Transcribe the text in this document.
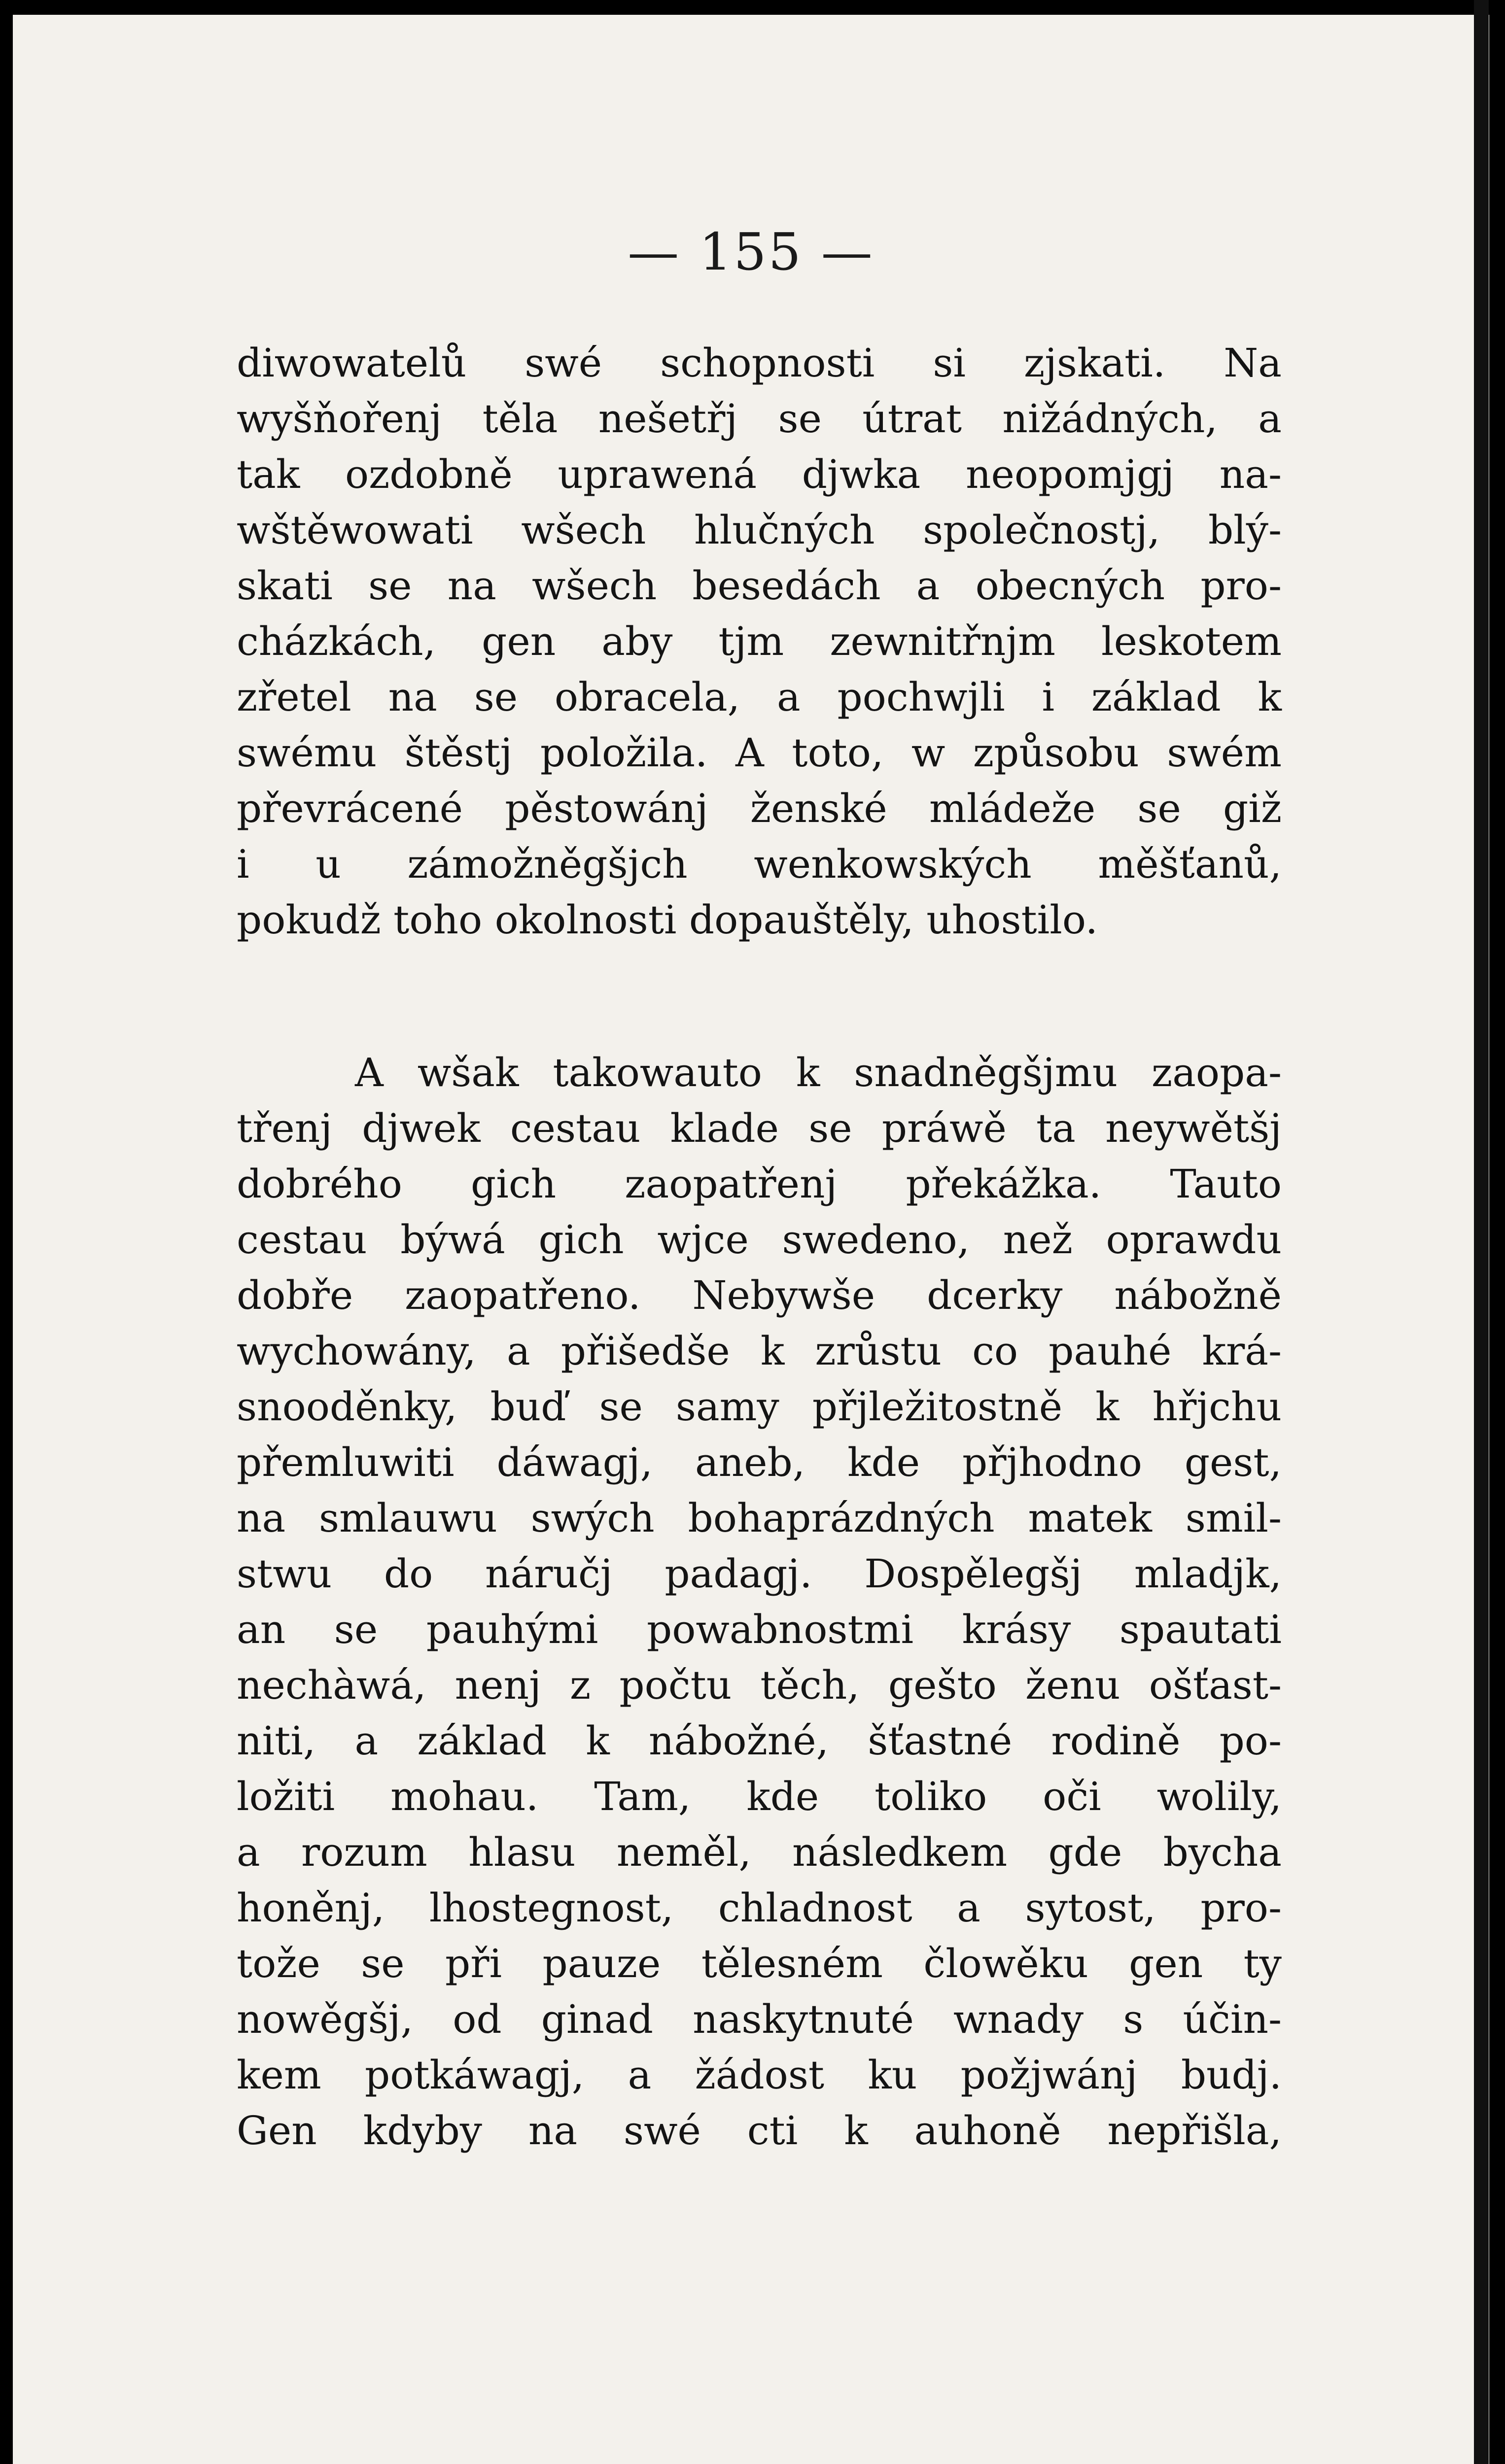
— 155 —
diwowatelů swé schopnosti si zjskati. Na
wyšňořenj těla nešetřj se útrat nižádných, a
tak ozdobně uprawená djwka neopomjgj na-
wštěwowati wšech hlučných společnostj, blý-
skati se na wšech besedách a obecných pro-
cházkách, gen aby tjm zewnitřnjm leskotem
zřetel na se obracela, a pochwjli i základ k
swému štěstj položila. A toto, w způsobu swém
převrácené pěstowánj ženské mládeže se giž
i u zámožněgšjch wenkowských měšťanů,
pokudž toho okolnosti dopauštěly, uhostilo.
A wšak takowauto k snadněgšjmu zaopa-
třenj djwek cestau klade se práwě ta neywětšj
dobrého gich zaopatřenj překážka. Tauto
cestau býwá gich wjce swedeno, než oprawdu
dobře zaopatřeno. Nebywše dcerky nábožně
wychowány, a přišedše k zrůstu co pauhé krá-
snooděnky, buď se samy přjležitostně k hřjchu
přemluwiti dáwagj, aneb, kde přjhodno gest,
na smlauwu swých bohaprázdných matek smil-
stwu do náručj padagj. Dospělegšj mladjk,
an se pauhými powabnostmi krásy spautati
nechàwá, nenj z počtu těch, gešto ženu ošťast-
niti, a základ k nábožné, šťastné rodině po-
ložiti mohau. Tam, kde toliko oči wolily,
a rozum hlasu neměl, následkem gde bycha
honěnj, lhostegnost, chladnost a sytost, pro-
tože se při pauze tělesném člowěku gen ty
nowěgšj, od ginad naskytnuté wnady s účin-
kem potkáwagj, a žádost ku požjwánj budj.
Gen kdyby na swé cti k auhoně nepřišla,
